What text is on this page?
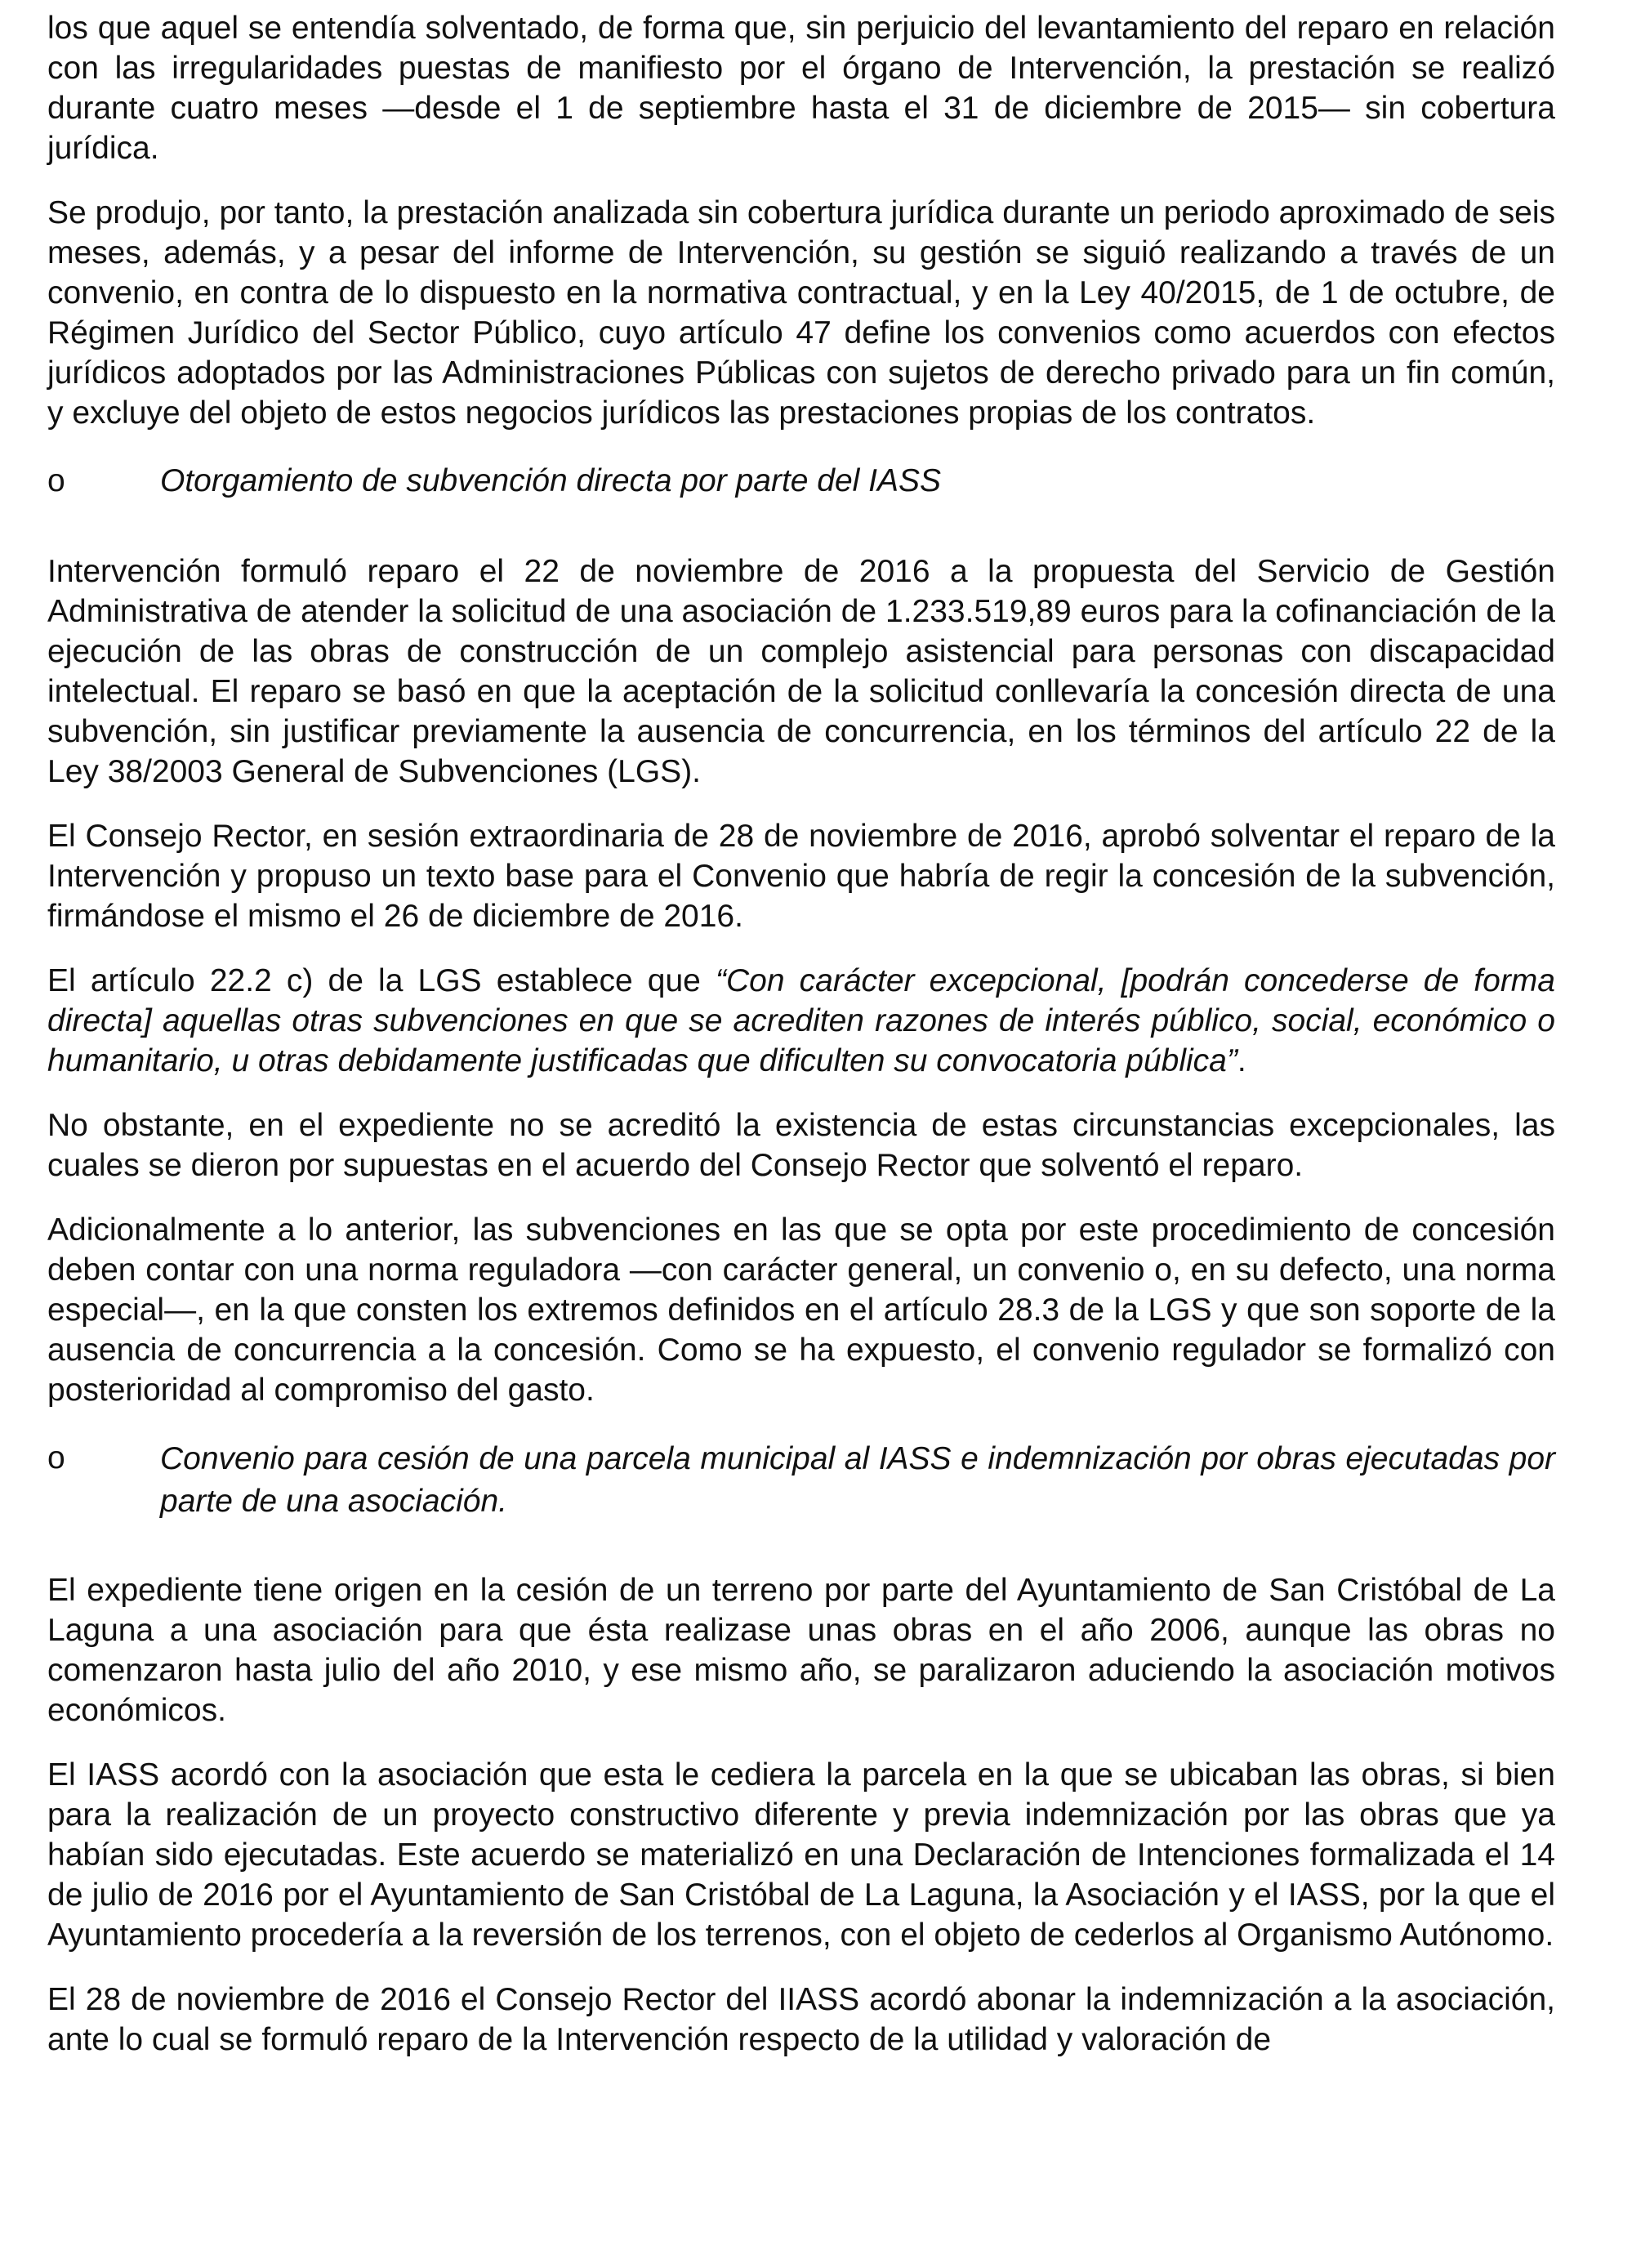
los que aquel se entendía solventado, de forma que, sin perjuicio del levantamiento del reparo en relación con las irregularidades puestas de manifiesto por el órgano de Intervención, la prestación se realizó durante cuatro meses —desde el 1 de septiembre hasta el 31 de diciembre de 2015— sin cobertura jurídica.

Se produjo, por tanto, la prestación analizada sin cobertura jurídica durante un periodo aproximado de seis meses, además, y a pesar del informe de Intervención, su gestión se siguió realizando a través de un convenio, en contra de lo dispuesto en la normativa contractual, y en la Ley 40/2015, de 1 de octubre, de Régimen Jurídico del Sector Público, cuyo artículo 47 define los convenios como acuerdos con efectos jurídicos adoptados por las Administraciones Públicas con sujetos de derecho privado para un fin común, y excluye del objeto de estos negocios jurídicos las prestaciones propias de los contratos.

o	Otorgamiento de subvención directa por parte del IASS

Intervención formuló reparo el 22 de noviembre de 2016 a la propuesta del Servicio de Gestión Administrativa de atender la solicitud de una asociación de 1.233.519,89 euros para la cofinanciación de la ejecución de las obras de construcción de un complejo asistencial para personas con discapacidad intelectual. El reparo se basó en que la aceptación de la solicitud conllevaría la concesión directa de una subvención, sin justificar previamente la ausencia de concurrencia, en los términos del artículo 22 de la Ley 38/2003 General de Subvenciones (LGS).

El Consejo Rector, en sesión extraordinaria de 28 de noviembre de 2016, aprobó solventar el reparo de la Intervención y propuso un texto base para el Convenio que habría de regir la concesión de la subvención, firmándose el mismo el 26 de diciembre de 2016.

El artículo 22.2 c) de la LGS establece que “Con carácter excepcional, [podrán concederse de forma directa] aquellas otras subvenciones en que se acrediten razones de interés público, social, económico o humanitario, u otras debidamente justificadas que dificulten su convocatoria pública”.

No obstante, en el expediente no se acreditó la existencia de estas circunstancias excepcionales, las cuales se dieron por supuestas en el acuerdo del Consejo Rector que solventó el reparo.

Adicionalmente a lo anterior, las subvenciones en las que se opta por este procedimiento de concesión deben contar con una norma reguladora —con carácter general, un convenio o, en su defecto, una norma especial—, en la que consten los extremos definidos en el artículo 28.3 de la LGS y que son soporte de la ausencia de concurrencia a la concesión. Como se ha expuesto, el convenio regulador se formalizó con posterioridad al compromiso del gasto.

o	Convenio para cesión de una parcela municipal al IASS e indemnización por obras ejecutadas por parte de una asociación.

El expediente tiene origen en la cesión de un terreno por parte del Ayuntamiento de San Cristóbal de La Laguna a una asociación para que ésta realizase unas obras en el año 2006, aunque las obras no comenzaron hasta julio del año 2010, y ese mismo año, se paralizaron aduciendo la asociación motivos económicos.

El IASS acordó con la asociación que esta le cediera la parcela en la que se ubicaban las obras, si bien para la realización de un proyecto constructivo diferente y previa indemnización por las obras que ya habían sido ejecutadas. Este acuerdo se materializó en una Declaración de Intenciones formalizada el 14 de julio de 2016 por el Ayuntamiento de San Cristóbal de La Laguna, la Asociación y el IASS, por la que el Ayuntamiento procedería a la reversión de los terrenos, con el objeto de cederlos al Organismo Autónomo.

El 28 de noviembre de 2016 el Consejo Rector del IIASS acordó abonar la indemnización a la asociación, ante lo cual se formuló reparo de la Intervención respecto de la utilidad y valoración de
